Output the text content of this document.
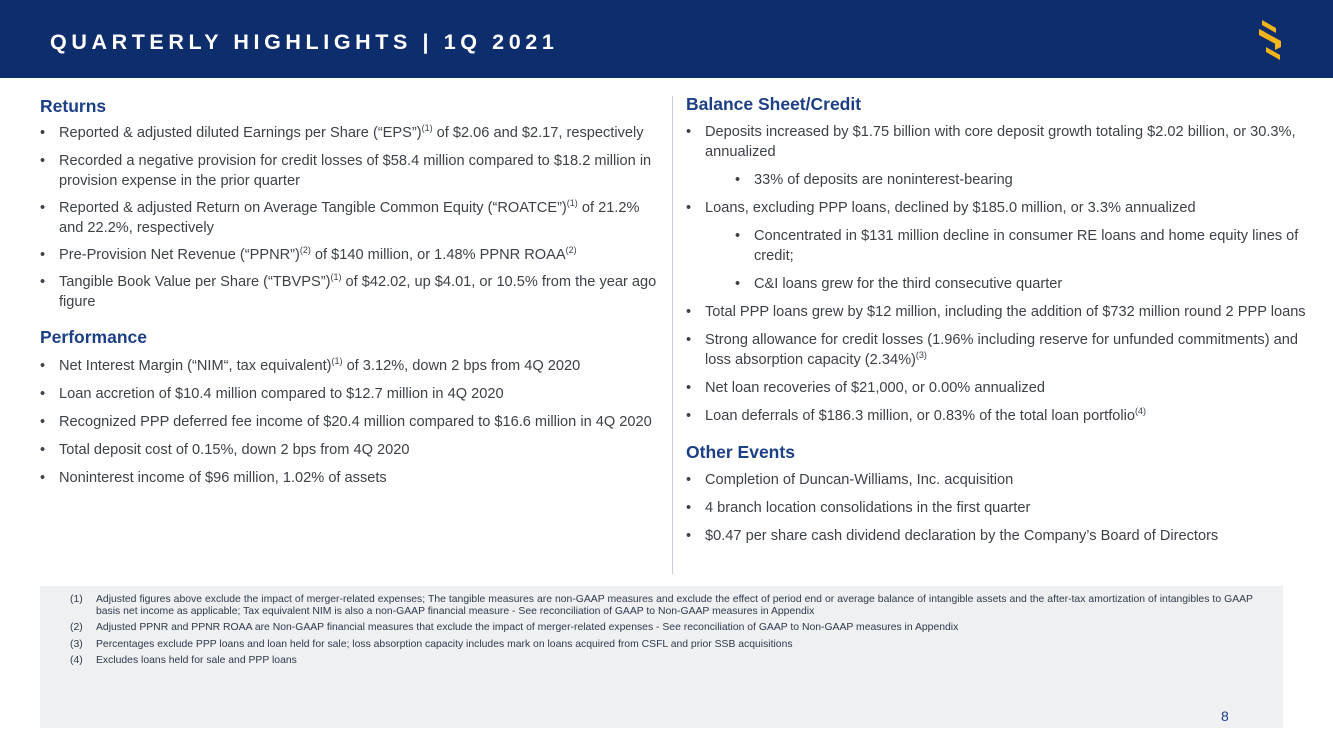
QUARTERLY HIGHLIGHTS | 1Q 2021
Returns
• Reported & adjusted diluted Earnings per Share (“EPS”)$^{(1)}$ of $2.06 and $2.17, respectively
• Recorded a negative provision for credit losses of $58.4 million compared to $18.2 million in provision expense in the prior quarter
• Reported & adjusted Return on Average Tangible Common Equity (“ROATCE”)$^{(1)}$ of 21.2% and 22.2%, respectively
• Pre-Provision Net Revenue (“PPNR”)$^{(2)}$ of $140 million, or 1.48% PPNR ROAA$^{(2)}$
• Tangible Book Value per Share (“TBVPS”)$^{(1)}$ of $42.02, up $4.01, or 10.5% from the year ago figure
Performance
• Net Interest Margin (“NIM“, tax equivalent)$^{(1)}$ of 3.12%, down 2 bps from 4Q 2020
• Loan accretion of $10.4 million compared to $12.7 million in 4Q 2020
• Recognized PPP deferred fee income of $20.4 million compared to $16.6 million in 4Q 2020
• Total deposit cost of 0.15%, down 2 bps from 4Q 2020
• Noninterest income of $96 million, 1.02% of assets
Balance Sheet/Credit
• Deposits increased by $1.75 billion with core deposit growth totaling $2.02 billion, or 30.3%, annualized
• 33% of deposits are noninterest-bearing
• Loans, excluding PPP loans, declined by $185.0 million, or 3.3% annualized
• Concentrated in $131 million decline in consumer RE loans and home equity lines of credit;
• C&I loans grew for the third consecutive quarter
• Total PPP loans grew by $12 million, including the addition of $732 million round 2 PPP loans
• Strong allowance for credit losses (1.96% including reserve for unfunded commitments) and loss absorption capacity $(2.34\%)^{(3)}$
• Net loan recoveries of $21,000, or 0.00% annualized
• Loan deferrals of $186.3 million, or 0.83% of the total loan portfolio$^{(4)}$
Other Events
• Completion of Duncan-Williams, Inc. acquisition
• 4 branch location consolidations in the first quarter
• $0.47 per share cash dividend declaration by the Company’s Board of Directors
(1) Adjusted figures above exclude the impact of merger-related expenses; The tangible measures are non-GAAP measures and exclude the effect of period end or average balance of intangible assets and the after-tax amortization of intangibles to GAAP basis net income as applicable; Tax equivalent NIM is also a non-GAAP financial measure - See reconciliation of GAAP to Non-GAAP measures in Appendix
(2) Adjusted PPNR and PPNR ROAA are Non-GAAP financial measures that exclude the impact of merger-related expenses - See reconciliation of GAAP to Non-GAAP measures in Appendix
(3) Percentages exclude PPP loans and loan held for sale; loss absorption capacity includes mark on loans acquired from CSFL and prior SSB acquisitions
(4) Excludes loans held for sale and PPP loans
8
